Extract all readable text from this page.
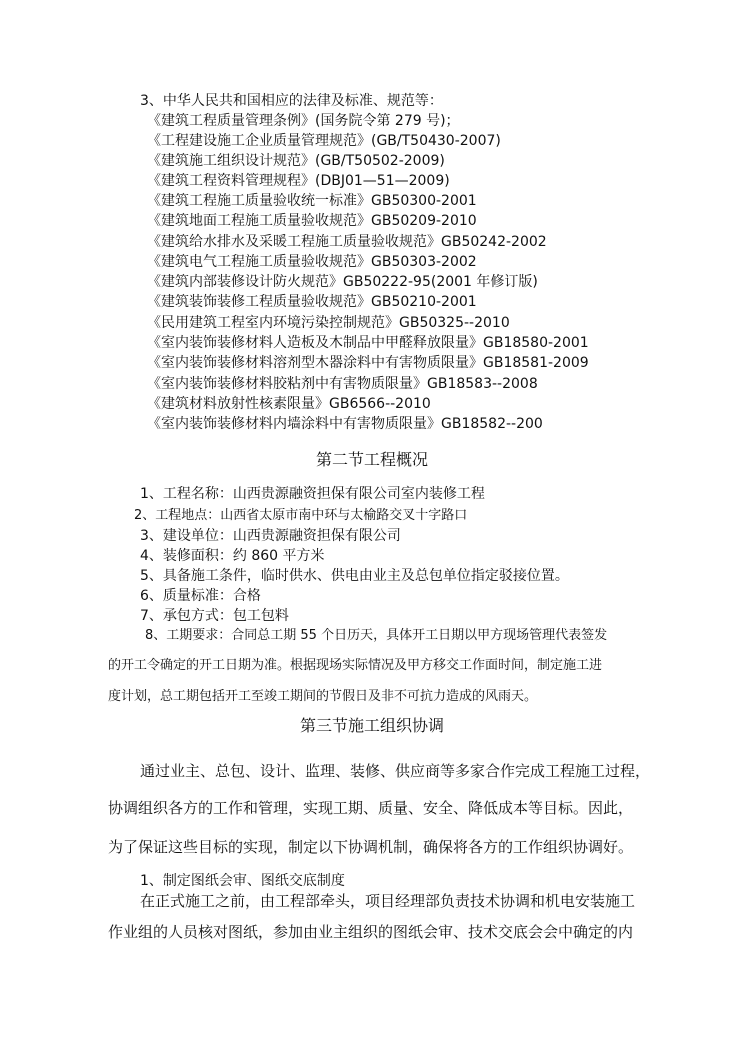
3、中华人民共和国相应的法律及标准、规范等：
《建筑工程质量管理条例》(国务院令第 279 号)；
《工程建设施工企业质量管理规范》(GB/T50430-2007)
《建筑施工组织设计规范》(GB/T50502-2009)
《建筑工程资料管理规程》(DBJ01—51—2009)
《建筑工程施工质量验收统一标准》GB50300-2001
《建筑地面工程施工质量验收规范》GB50209-2010
《建筑给水排水及采暖工程施工质量验收规范》GB50242-2002
《建筑电气工程施工质量验收规范》GB50303-2002
《建筑内部装修设计防火规范》GB50222-95(2001 年修订版)
《建筑装饰装修工程质量验收规范》GB50210-2001
《民用建筑工程室内环境污染控制规范》GB50325--2010
《室内装饰装修材料人造板及木制品中甲醛释放限量》GB18580-2001
《室内装饰装修材料溶剂型木器涂料中有害物质限量》GB18581-2009
《室内装饰装修材料胶粘剂中有害物质限量》GB18583--2008
《建筑材料放射性核素限量》GB6566--2010
《室内装饰装修材料内墙涂料中有害物质限量》GB18582--200
第二节工程概况
1、工程名称：山西贵源融资担保有限公司室内装修工程
2、工程地点：山西省太原市南中环与太榆路交叉十字路口
3、建设单位：山西贵源融资担保有限公司
4、装修面积：约 860 平方米
5、具备施工条件，临时供水、供电由业主及总包单位指定驳接位置。
6、质量标准：合格
7、承包方式：包工包料
8、工期要求：合同总工期 55 个日历天，具体开工日期以甲方现场管理代表签发
的开工令确定的开工日期为准。根据现场实际情况及甲方移交工作面时间，制定施工进
度计划，总工期包括开工至竣工期间的节假日及非不可抗力造成的风雨天。
第三节施工组织协调
通过业主、总包、设计、监理、装修、供应商等多家合作完成工程施工过程，
协调组织各方的工作和管理，实现工期、质量、安全、降低成本等目标。因此，
为了保证这些目标的实现，制定以下协调机制，确保将各方的工作组织协调好。
1、制定图纸会审、图纸交底制度
在正式施工之前，由工程部牵头，项目经理部负责技术协调和机电安装施工
作业组的人员核对图纸，参加由业主组织的图纸会审、技术交底会会中确定的内
